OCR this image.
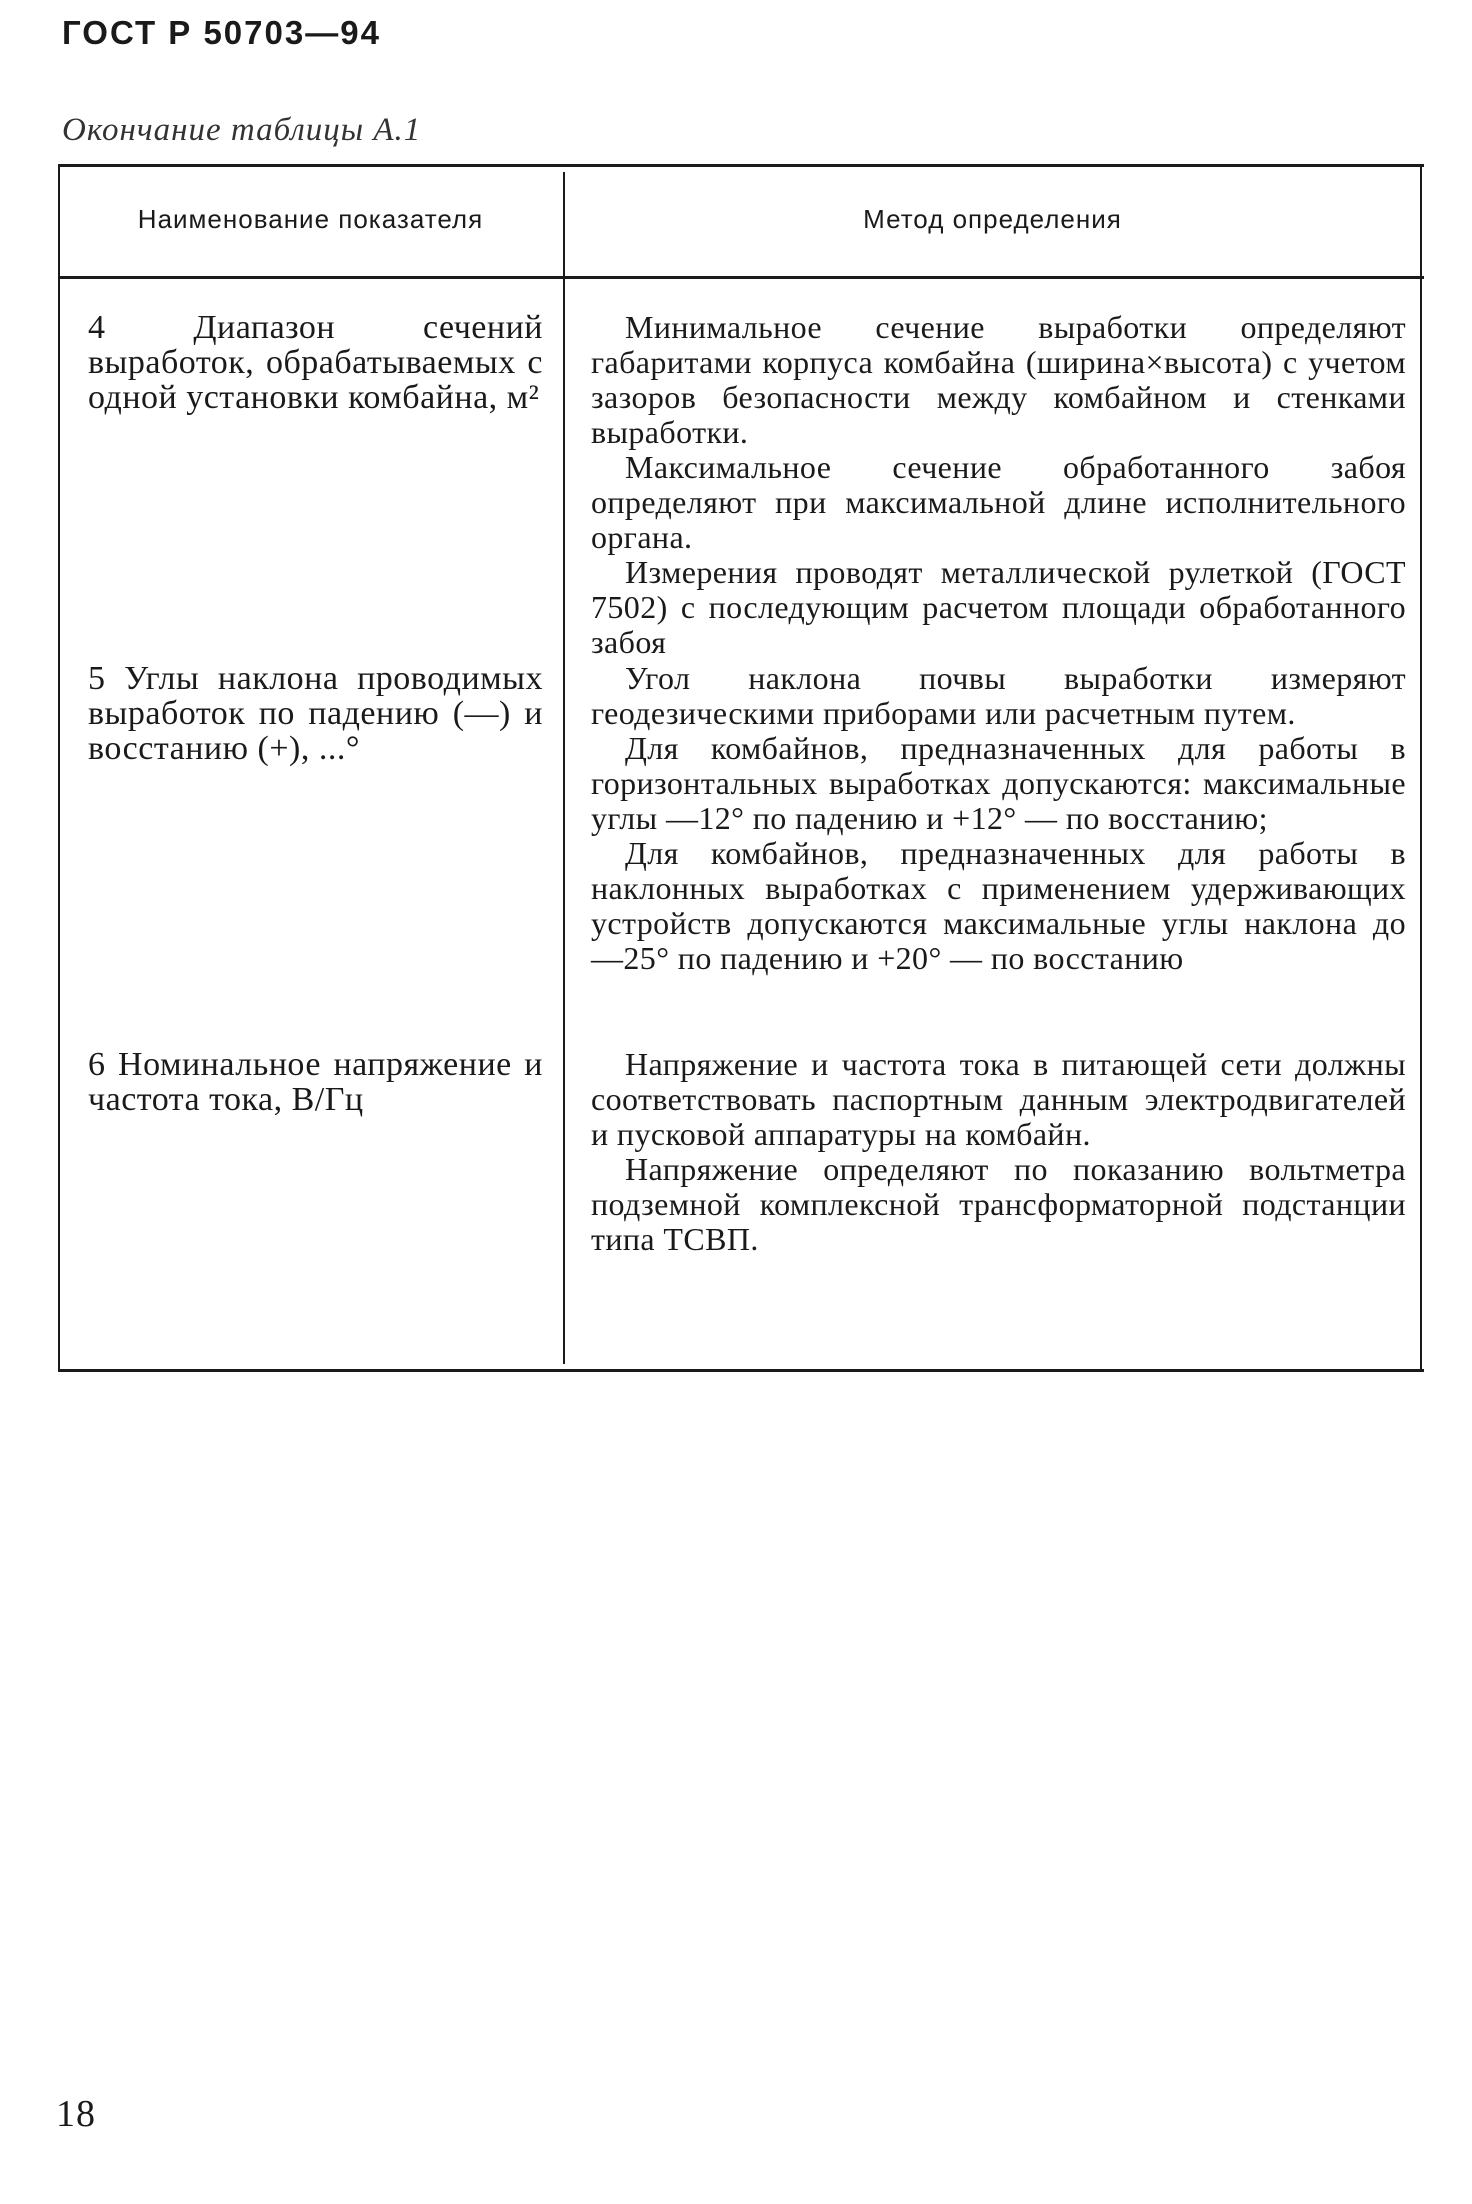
ГОСТ Р 50703—94
Окончание таблицы А.1
Наименование показателя	Метод определения
4 Диапазон сечений выработок, обрабатываемых с одной установки комбайна, м²

Минимальное сечение выработки определяют габаритами корпуса комбайна (ширина×высота) с учетом зазоров безопасности между комбайном и стенками выработки.

Максимальное сечение обработанного забоя определяют при максимальной длине исполнительного органа.

Измерения проводят металлической рулеткой (ГОСТ 7502) с последующим расчетом площади обработанного забоя

5 Углы наклона проводимых выработок по падению (—) и восстанию (+), ...°

Угол наклона почвы выработки измеряют геодезическими приборами или расчетным путем.

Для комбайнов, предназначенных для работы в горизонтальных выработках допускаются: максимальные углы —12° по падению и +12° — по восстанию;

Для комбайнов, предназначенных для работы в наклонных выработках с применением удерживающих устройств допускаются максимальные углы наклона до —25° по падению и +20° — по восстанию

6 Номинальное напряжение и частота тока, В/Гц

Напряжение и частота тока в питающей сети должны соответствовать паспортным данным электродвигателей и пусковой аппаратуры на комбайн.

Напряжение определяют по показанию вольтметра подземной комплексной трансформаторной подстанции типа ТСВП.

18
